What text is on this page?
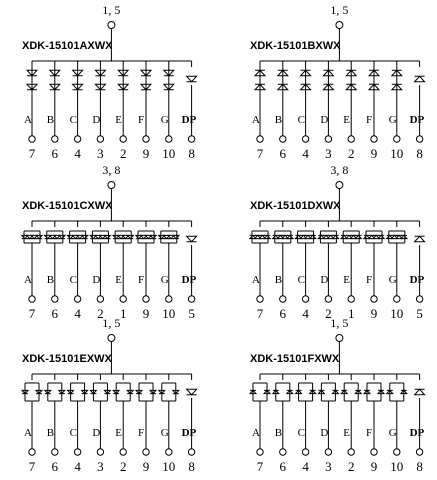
1, 5
XDK-15101AXWX
A B C D E F G DP
7 6 4 3 2 9 10 8
1, 5
XDK-15101BXWX
A B C D E F G DP
7 6 4 3 2 9 10 8
3, 8
XDK-15101CXWX
A B C D E F G DP
7 6 4 2 1 9 10 5
3, 8
XDK-15101DXWX
A B C D E F G DP
7 6 4 2 1 9 10 5
1, 5
XDK-15101EXWX
A B C D E F G DP
7 6 4 3 2 9 10 8
1, 5
XDK-15101FXWX
A B C D E F G DP
7 6 4 3 2 9 10 8
